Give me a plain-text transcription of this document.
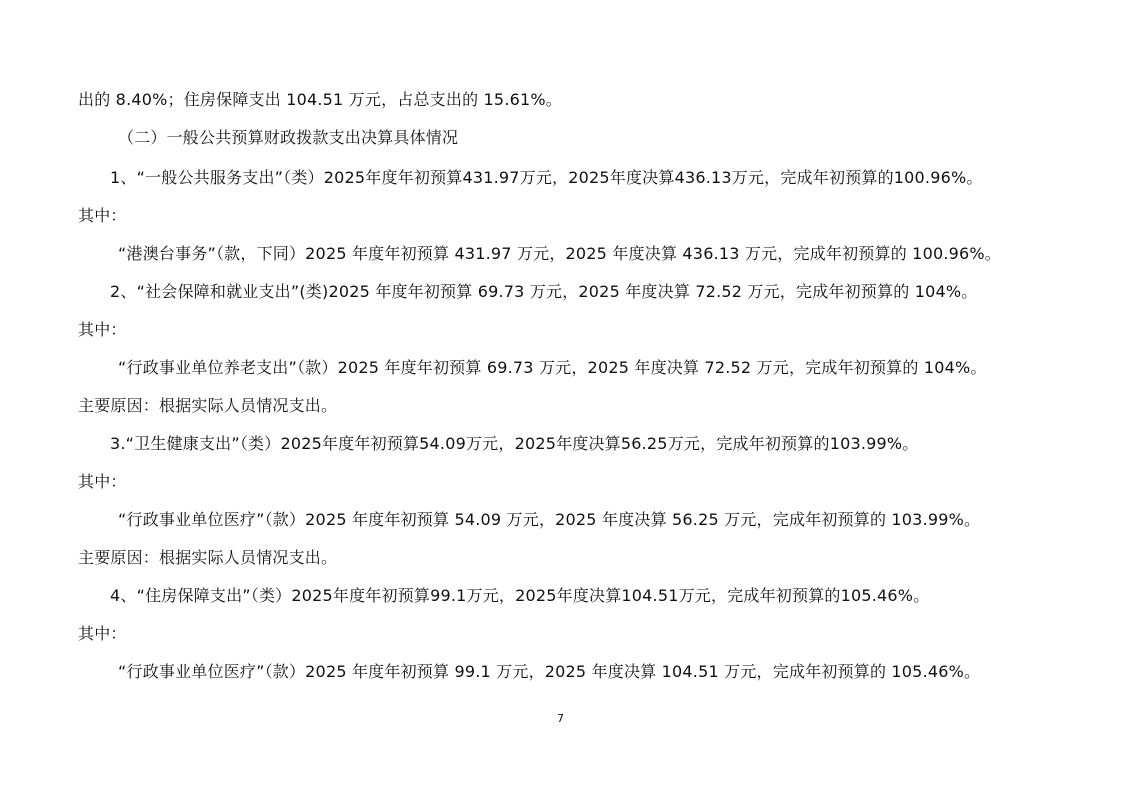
出的 8.40%；住房保障支出 104.51 万元，占总支出的 15.61%。
（二）一般公共预算财政拨款支出决算具体情况
1、“一般公共服务支出”（类）2025年度年初预算431.97万元，2025年度决算436.13万元，完成年初预算的100.96%。
其中：
“港澳台事务”（款，下同）2025 年度年初预算 431.97 万元，2025 年度决算 436.13 万元，完成年初预算的 100.96%。
2、“社会保障和就业支出”(类)2025 年度年初预算 69.73 万元，2025 年度决算 72.52 万元，完成年初预算的 104%。
其中：
“行政事业单位养老支出”（款）2025 年度年初预算 69.73 万元，2025 年度决算 72.52 万元，完成年初预算的 104%。
主要原因：根据实际人员情况支出。
3.“卫生健康支出”（类）2025年度年初预算54.09万元，2025年度决算56.25万元，完成年初预算的103.99%。
其中：
“行政事业单位医疗”（款）2025 年度年初预算 54.09 万元，2025 年度决算 56.25 万元，完成年初预算的 103.99%。
主要原因：根据实际人员情况支出。
4、“住房保障支出”（类）2025年度年初预算99.1万元，2025年度决算104.51万元，完成年初预算的105.46%。
其中：
“行政事业单位医疗”（款）2025 年度年初预算 99.1 万元，2025 年度决算 104.51 万元，完成年初预算的 105.46%。
7
